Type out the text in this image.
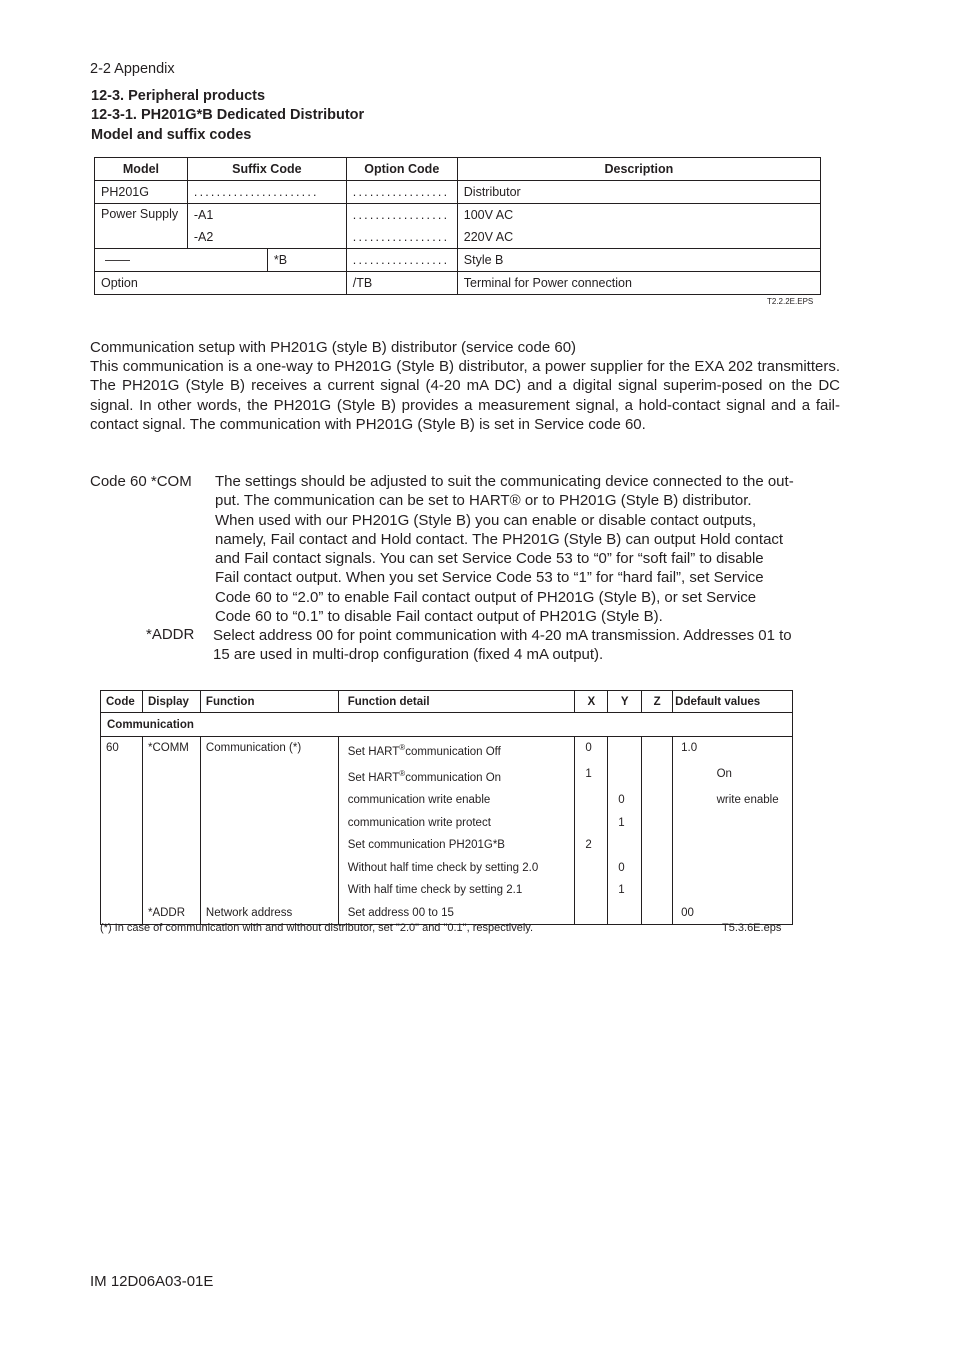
2-2 Appendix
12-3. Peripheral products
12-3-1. PH201G*B Dedicated Distributor
Model and suffix codes
Model	Suffix Code		Option Code	Description
PH201G	......................		.................	Distributor
Power Supply	-A1		.................	100V AC
	-A2		.................	220V AC
——		*B	.................	Style B
Option			/TB	Terminal for Power connection
T2.2.2E.EPS
Communication setup with PH201G (style B) distributor (service code 60)
This communication is a one-way to PH201G (Style B) distributor, a power supplier for the EXA 202 transmitters. The PH201G (Style B) receives a current signal (4-20 mA DC) and a digital signal superim-posed on the DC signal. In other words, the PH201G (Style B) provides a measurement signal, a hold-contact signal and a fail-contact signal. The communication with PH201G (Style B) is set in Service code 60.
Code 60 *COM	The settings should be adjusted to suit the communicating device connected to the out-
put. The communication can be set to HART® or to PH201G (Style B) distributor.
When used with our PH201G (Style B) you can enable or disable contact outputs,
namely, Fail contact and Hold contact. The PH201G (Style B) can output Hold contact
and Fail contact signals. You can set Service Code 53 to “0” for “soft fail” to disable
Fail contact output. When you set Service Code 53 to “1” for “hard fail”, set Service
Code 60 to “2.0” to enable Fail contact output of PH201G (Style B), or set Service
Code 60 to “0.1” to disable Fail contact output of PH201G (Style B).
*ADDR Select address 00 for point communication with 4-20 mA transmission. Addresses 01 to
15 are used in multi-drop configuration (fixed 4 mA output).
Code	Display	Function	Function detail	X	Y	Z	Ddefault values	
Communication								
60	*COMM	Communication (*)	Set HART®communication Off	0			1.0	
			Set HART®communication On	1				On
			communication write enable		0			write enable
			communication write protect		1			
			Set communication PH201G*B	2				
			Without half time check by setting 2.0		0			
			With half time check by setting 2.1		1			
	*ADDR	Network address	Set address 00 to 15				00	
(*) In case of communication with and without distributor, set "2.0" and "0.1", respectively.	T5.3.6E.eps
IM 12D06A03-01E
